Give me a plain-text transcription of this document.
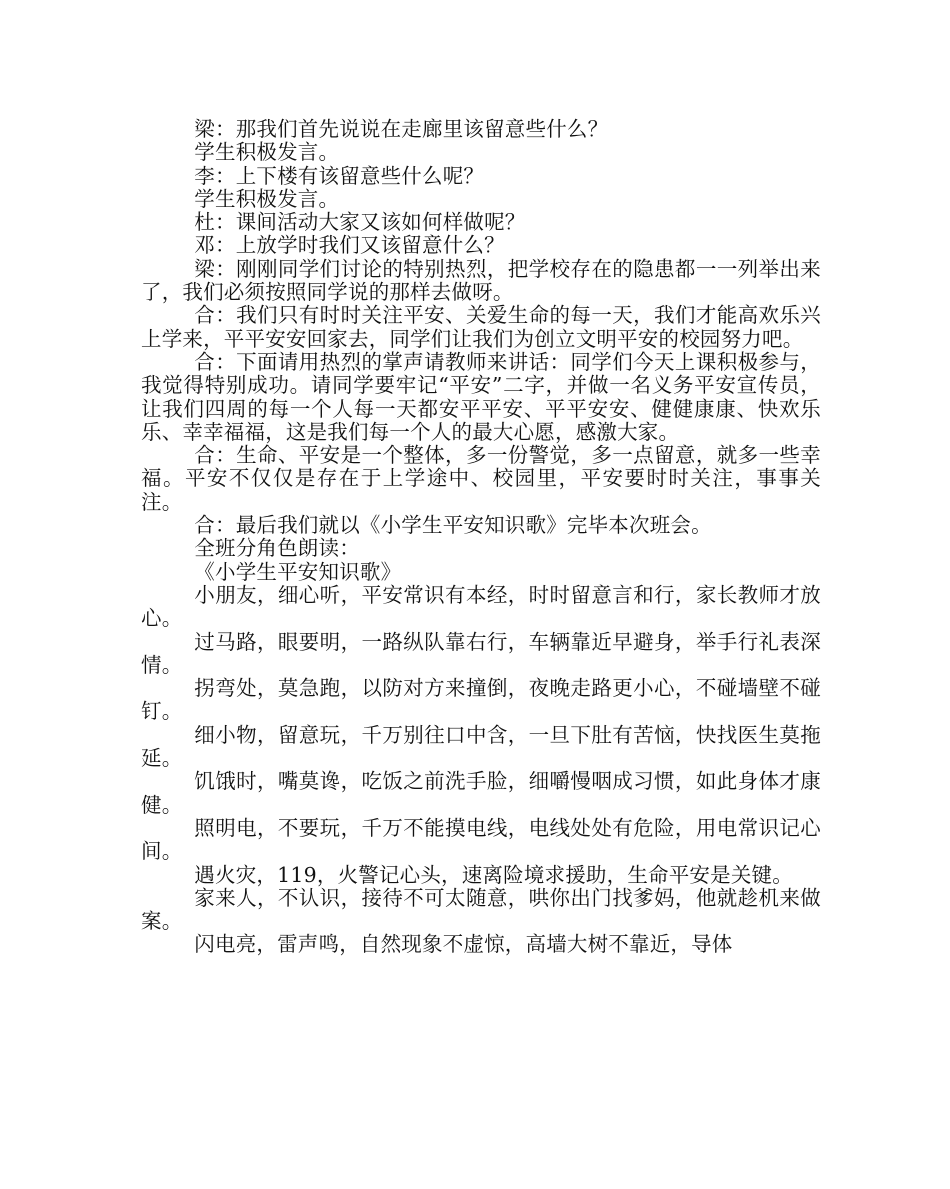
梁：那我们首先说说在走廊里该留意些什么？

学生积极发言。

李：上下楼有该留意些什么呢？

学生积极发言。

杜：课间活动大家又该如何样做呢？

邓：上放学时我们又该留意什么？

梁：刚刚同学们讨论的特别热烈，把学校存在的隐患都一一列举出来了，我们必须按照同学说的那样去做呀。

合：我们只有时时关注平安、关爱生命的每一天，我们才能高欢乐兴上学来，平平安安回家去，同学们让我们为创立文明平安的校园努力吧。

合：下面请用热烈的掌声请教师来讲话：同学们今天上课积极参与，我觉得特别成功。请同学要牢记“平安”二字，并做一名义务平安宣传员，让我们四周的每一个人每一天都安平平安、平平安安、健健康康、快欢乐乐、幸幸福福，这是我们每一个人的最大心愿，感激大家。

合：生命、平安是一个整体，多一份警觉，多一点留意，就多一些幸福。平安不仅仅是存在于上学途中、校园里，平安要时时关注，事事关注。

合：最后我们就以《小学生平安知识歌》完毕本次班会。

全班分角色朗读：

《小学生平安知识歌》

小朋友，细心听，平安常识有本经，时时留意言和行，家长教师才放心。

过马路，眼要明，一路纵队靠右行，车辆靠近早避身，举手行礼表深情。

拐弯处，莫急跑，以防对方来撞倒，夜晚走路更小心，不碰墙壁不碰钉。

细小物，留意玩，千万别往口中含，一旦下肚有苦恼，快找医生莫拖延。

饥饿时，嘴莫谗，吃饭之前洗手脸，细嚼慢咽成习惯，如此身体才康健。

照明电，不要玩，千万不能摸电线，电线处处有危险，用电常识记心间。

遇火灾，119，火警记心头，速离险境求援助，生命平安是关键。

家来人，不认识，接待不可太随意，哄你出门找爹妈，他就趁机来做案。

闪电亮，雷声鸣，自然现象不虚惊，高墙大树不靠近，导体
